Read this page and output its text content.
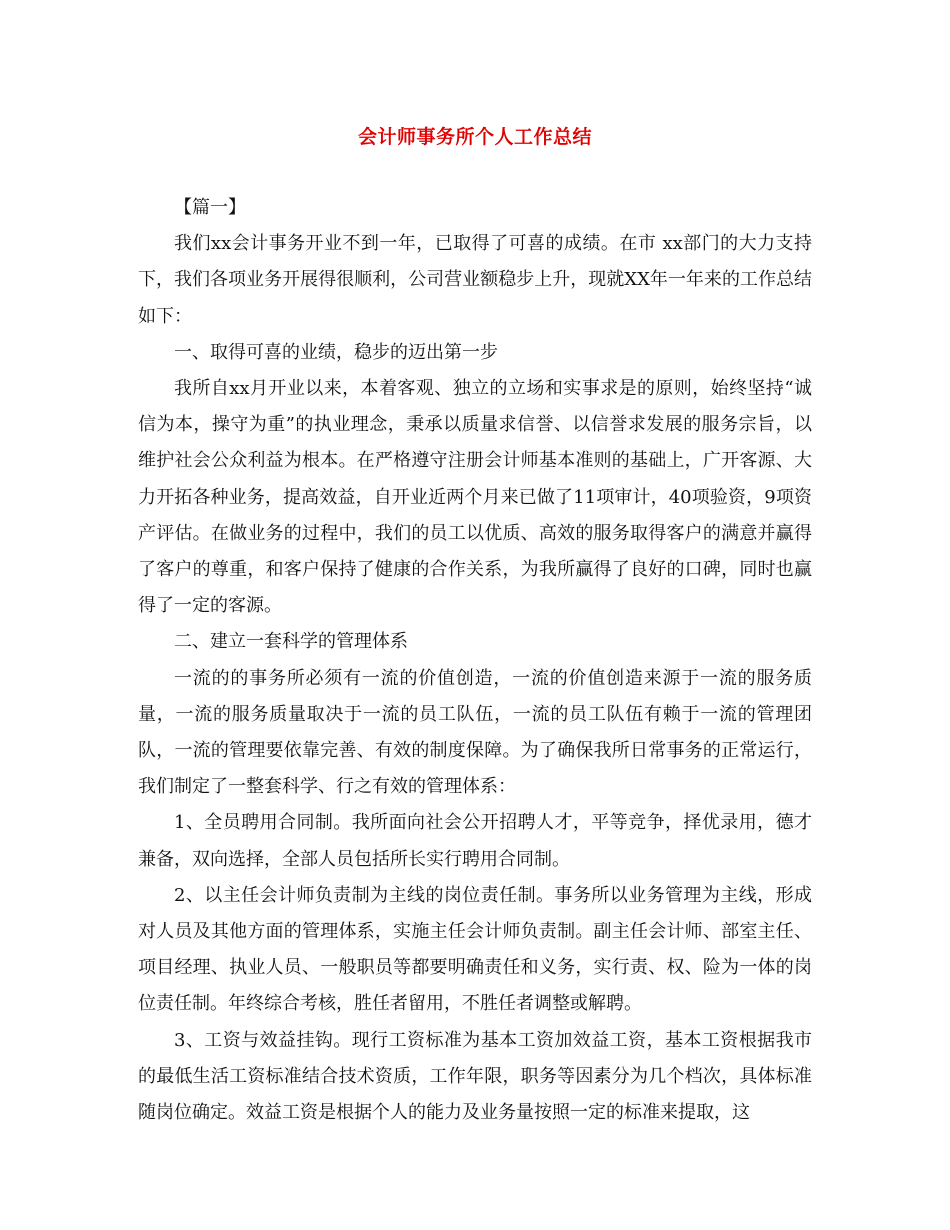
会计师事务所个人工作总结

【篇一】

我们xx会计事务开业不到一年，已取得了可喜的成绩。在市 xx部门的大力支持下，我们各项业务开展得很顺利，公司营业额稳步上升，现就XX年一年来的工作总结如下：

一、取得可喜的业绩，稳步的迈出第一步

我所自xx月开业以来，本着客观、独立的立场和实事求是的原则，始终坚持“诚信为本，操守为重”的执业理念，秉承以质量求信誉、以信誉求发展的服务宗旨，以维护社会公众利益为根本。在严格遵守注册会计师基本准则的基础上，广开客源、大力开拓各种业务，提高效益，自开业近两个月来已做了11项审计，40项验资，9项资产评估。在做业务的过程中，我们的员工以优质、高效的服务取得客户的满意并赢得了客户的尊重，和客户保持了健康的合作关系，为我所赢得了良好的口碑，同时也赢得了一定的客源。

二、建立一套科学的管理体系

一流的的事务所必须有一流的价值创造，一流的价值创造来源于一流的服务质量，一流的服务质量取决于一流的员工队伍，一流的员工队伍有赖于一流的管理团队，一流的管理要依靠完善、有效的制度保障。为了确保我所日常事务的正常运行，我们制定了一整套科学、行之有效的管理体系：

1、全员聘用合同制。我所面向社会公开招聘人才，平等竞争，择优录用，德才兼备，双向选择，全部人员包括所长实行聘用合同制。

2、以主任会计师负责制为主线的岗位责任制。事务所以业务管理为主线，形成对人员及其他方面的管理体系，实施主任会计师负责制。副主任会计师、部室主任、项目经理、执业人员、一般职员等都要明确责任和义务，实行责、权、险为一体的岗位责任制。年终综合考核，胜任者留用，不胜任者调整或解聘。

3、工资与效益挂钩。现行工资标准为基本工资加效益工资，基本工资根据我市的最低生活工资标准结合技术资质，工作年限，职务等因素分为几个档次，具体标准随岗位确定。效益工资是根据个人的能力及业务量按照一定的标准来提取，这
